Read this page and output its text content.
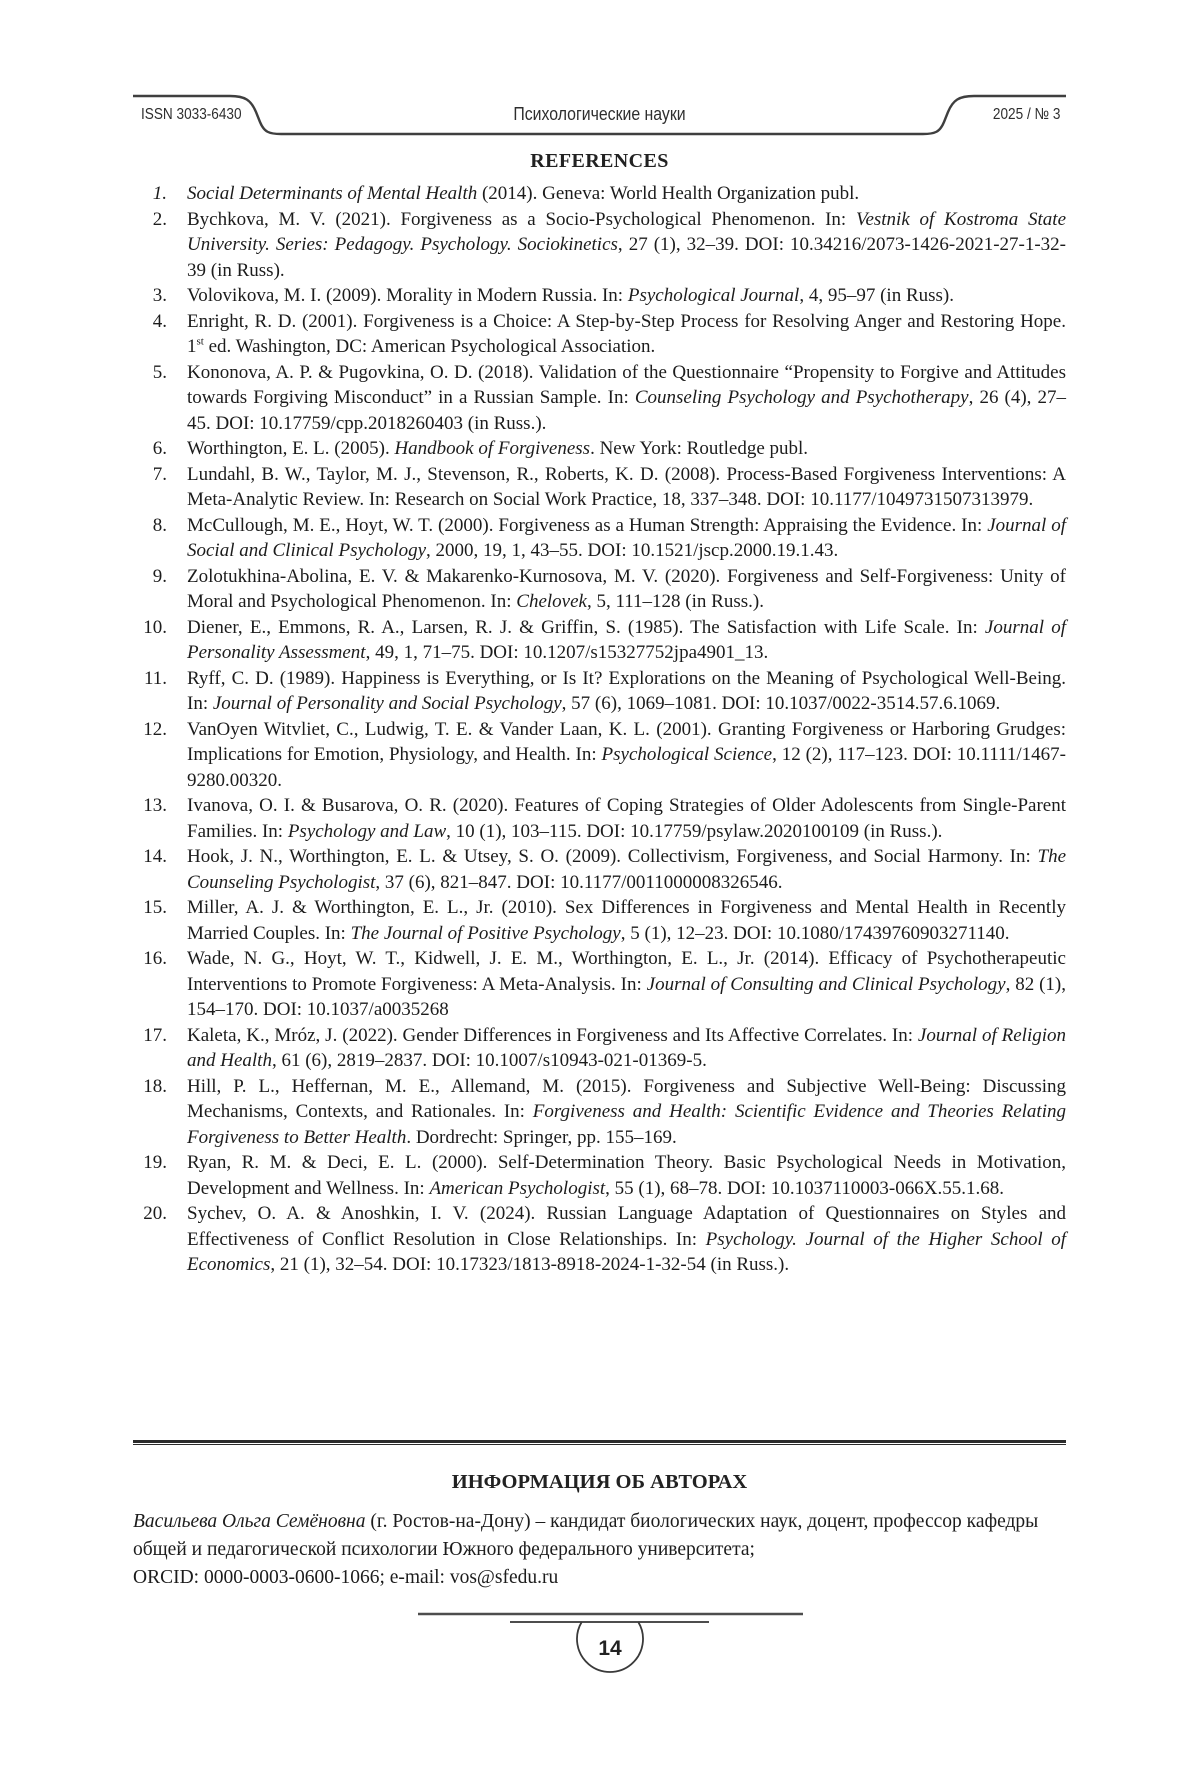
ISSN 3033-6430	Психологические науки	2025 / № 3
REFERENCES
1. Social Determinants of Mental Health (2014). Geneva: World Health Organization publ.
2. Bychkova, M. V. (2021). Forgiveness as a Socio-Psychological Phenomenon. In: Vestnik of Kostroma State University. Series: Pedagogy. Psychology. Sociokinetics, 27 (1), 32–39. DOI: 10.34216/2073-1426-2021-27-1-32-39 (in Russ).
3. Volovikova, M. I. (2009). Morality in Modern Russia. In: Psychological Journal, 4, 95–97 (in Russ).
4. Enright, R. D. (2001). Forgiveness is a Choice: A Step-by-Step Process for Resolving Anger and Restoring Hope. 1st ed. Washington, DC: American Psychological Association.
5. Kononova, A. P. & Pugovkina, O. D. (2018). Validation of the Questionnaire “Propensity to Forgive and Attitudes towards Forgiving Misconduct” in a Russian Sample. In: Counseling Psychology and Psychotherapy, 26 (4), 27–45. DOI: 10.17759/cpp.2018260403 (in Russ.).
6. Worthington, E. L. (2005). Handbook of Forgiveness. New York: Routledge publ.
7. Lundahl, B. W., Taylor, M. J., Stevenson, R., Roberts, K. D. (2008). Process-Based Forgiveness Interventions: A Meta-Analytic Review. In: Research on Social Work Practice, 18, 337–348. DOI: 10.1177/1049731507313979.
8. McCullough, M. E., Hoyt, W. T. (2000). Forgiveness as a Human Strength: Appraising the Evidence. In: Journal of Social and Clinical Psychology, 2000, 19, 1, 43–55. DOI: 10.1521/jscp.2000.19.1.43.
9. Zolotukhina-Abolina, E. V. & Makarenko-Kurnosova, M. V. (2020). Forgiveness and Self-Forgiveness: Unity of Moral and Psychological Phenomenon. In: Chelovek, 5, 111–128 (in Russ.).
10. Diener, E., Emmons, R. A., Larsen, R. J. & Griffin, S. (1985). The Satisfaction with Life Scale. In: Journal of Personality Assessment, 49, 1, 71–75. DOI: 10.1207/s15327752jpa4901_13.
11. Ryff, C. D. (1989). Happiness is Everything, or Is It? Explorations on the Meaning of Psychological Well-Being. In: Journal of Personality and Social Psychology, 57 (6), 1069–1081. DOI: 10.1037/0022-3514.57.6.1069.
12. VanOyen Witvliet, C., Ludwig, T. E. & Vander Laan, K. L. (2001). Granting Forgiveness or Harboring Grudges: Implications for Emotion, Physiology, and Health. In: Psychological Science, 12 (2), 117–123. DOI: 10.1111/1467-9280.00320.
13. Ivanova, O. I. & Busarova, O. R. (2020). Features of Coping Strategies of Older Adolescents from Single-Parent Families. In: Psychology and Law, 10 (1), 103–115. DOI: 10.17759/psylaw.2020100109 (in Russ.).
14. Hook, J. N., Worthington, E. L. & Utsey, S. O. (2009). Collectivism, Forgiveness, and Social Harmony. In: The Counseling Psychologist, 37 (6), 821–847. DOI: 10.1177/0011000008326546.
15. Miller, A. J. & Worthington, E. L., Jr. (2010). Sex Differences in Forgiveness and Mental Health in Recently Married Couples. In: The Journal of Positive Psychology, 5 (1), 12–23. DOI: 10.1080/17439760903271140.
16. Wade, N. G., Hoyt, W. T., Kidwell, J. E. M., Worthington, E. L., Jr. (2014). Efficacy of Psychotherapeutic Interventions to Promote Forgiveness: A Meta-Analysis. In: Journal of Consulting and Clinical Psychology, 82 (1), 154–170. DOI: 10.1037/a0035268
17. Kaleta, K., Mróz, J. (2022). Gender Differences in Forgiveness and Its Affective Correlates. In: Journal of Religion and Health, 61 (6), 2819–2837. DOI: 10.1007/s10943-021-01369-5.
18. Hill, P. L., Heffernan, M. E., Allemand, M. (2015). Forgiveness and Subjective Well-Being: Discussing Mechanisms, Contexts, and Rationales. In: Forgiveness and Health: Scientific Evidence and Theories Relating Forgiveness to Better Health. Dordrecht: Springer, pp. 155–169.
19. Ryan, R. M. & Deci, E. L. (2000). Self-Determination Theory. Basic Psychological Needs in Motivation, Development and Wellness. In: American Psychologist, 55 (1), 68–78. DOI: 10.1037110003-066X.55.1.68.
20. Sychev, O. A. & Anoshkin, I. V. (2024). Russian Language Adaptation of Questionnaires on Styles and Effectiveness of Conflict Resolution in Close Relationships. In: Psychology. Journal of the Higher School of Economics, 21 (1), 32–54. DOI: 10.17323/1813-8918-2024-1-32-54 (in Russ.).
ИНФОРМАЦИЯ ОБ АВТОРАХ

Васильева Ольга Семёновна (г. Ростов-на-Дону) – кандидат биологических наук, доцент, профессор кафедры общей и педагогической психологии Южного федерального университета;

ORCID: 0000-0003-0600-1066; e-mail: vos@sfedu.ru

14
